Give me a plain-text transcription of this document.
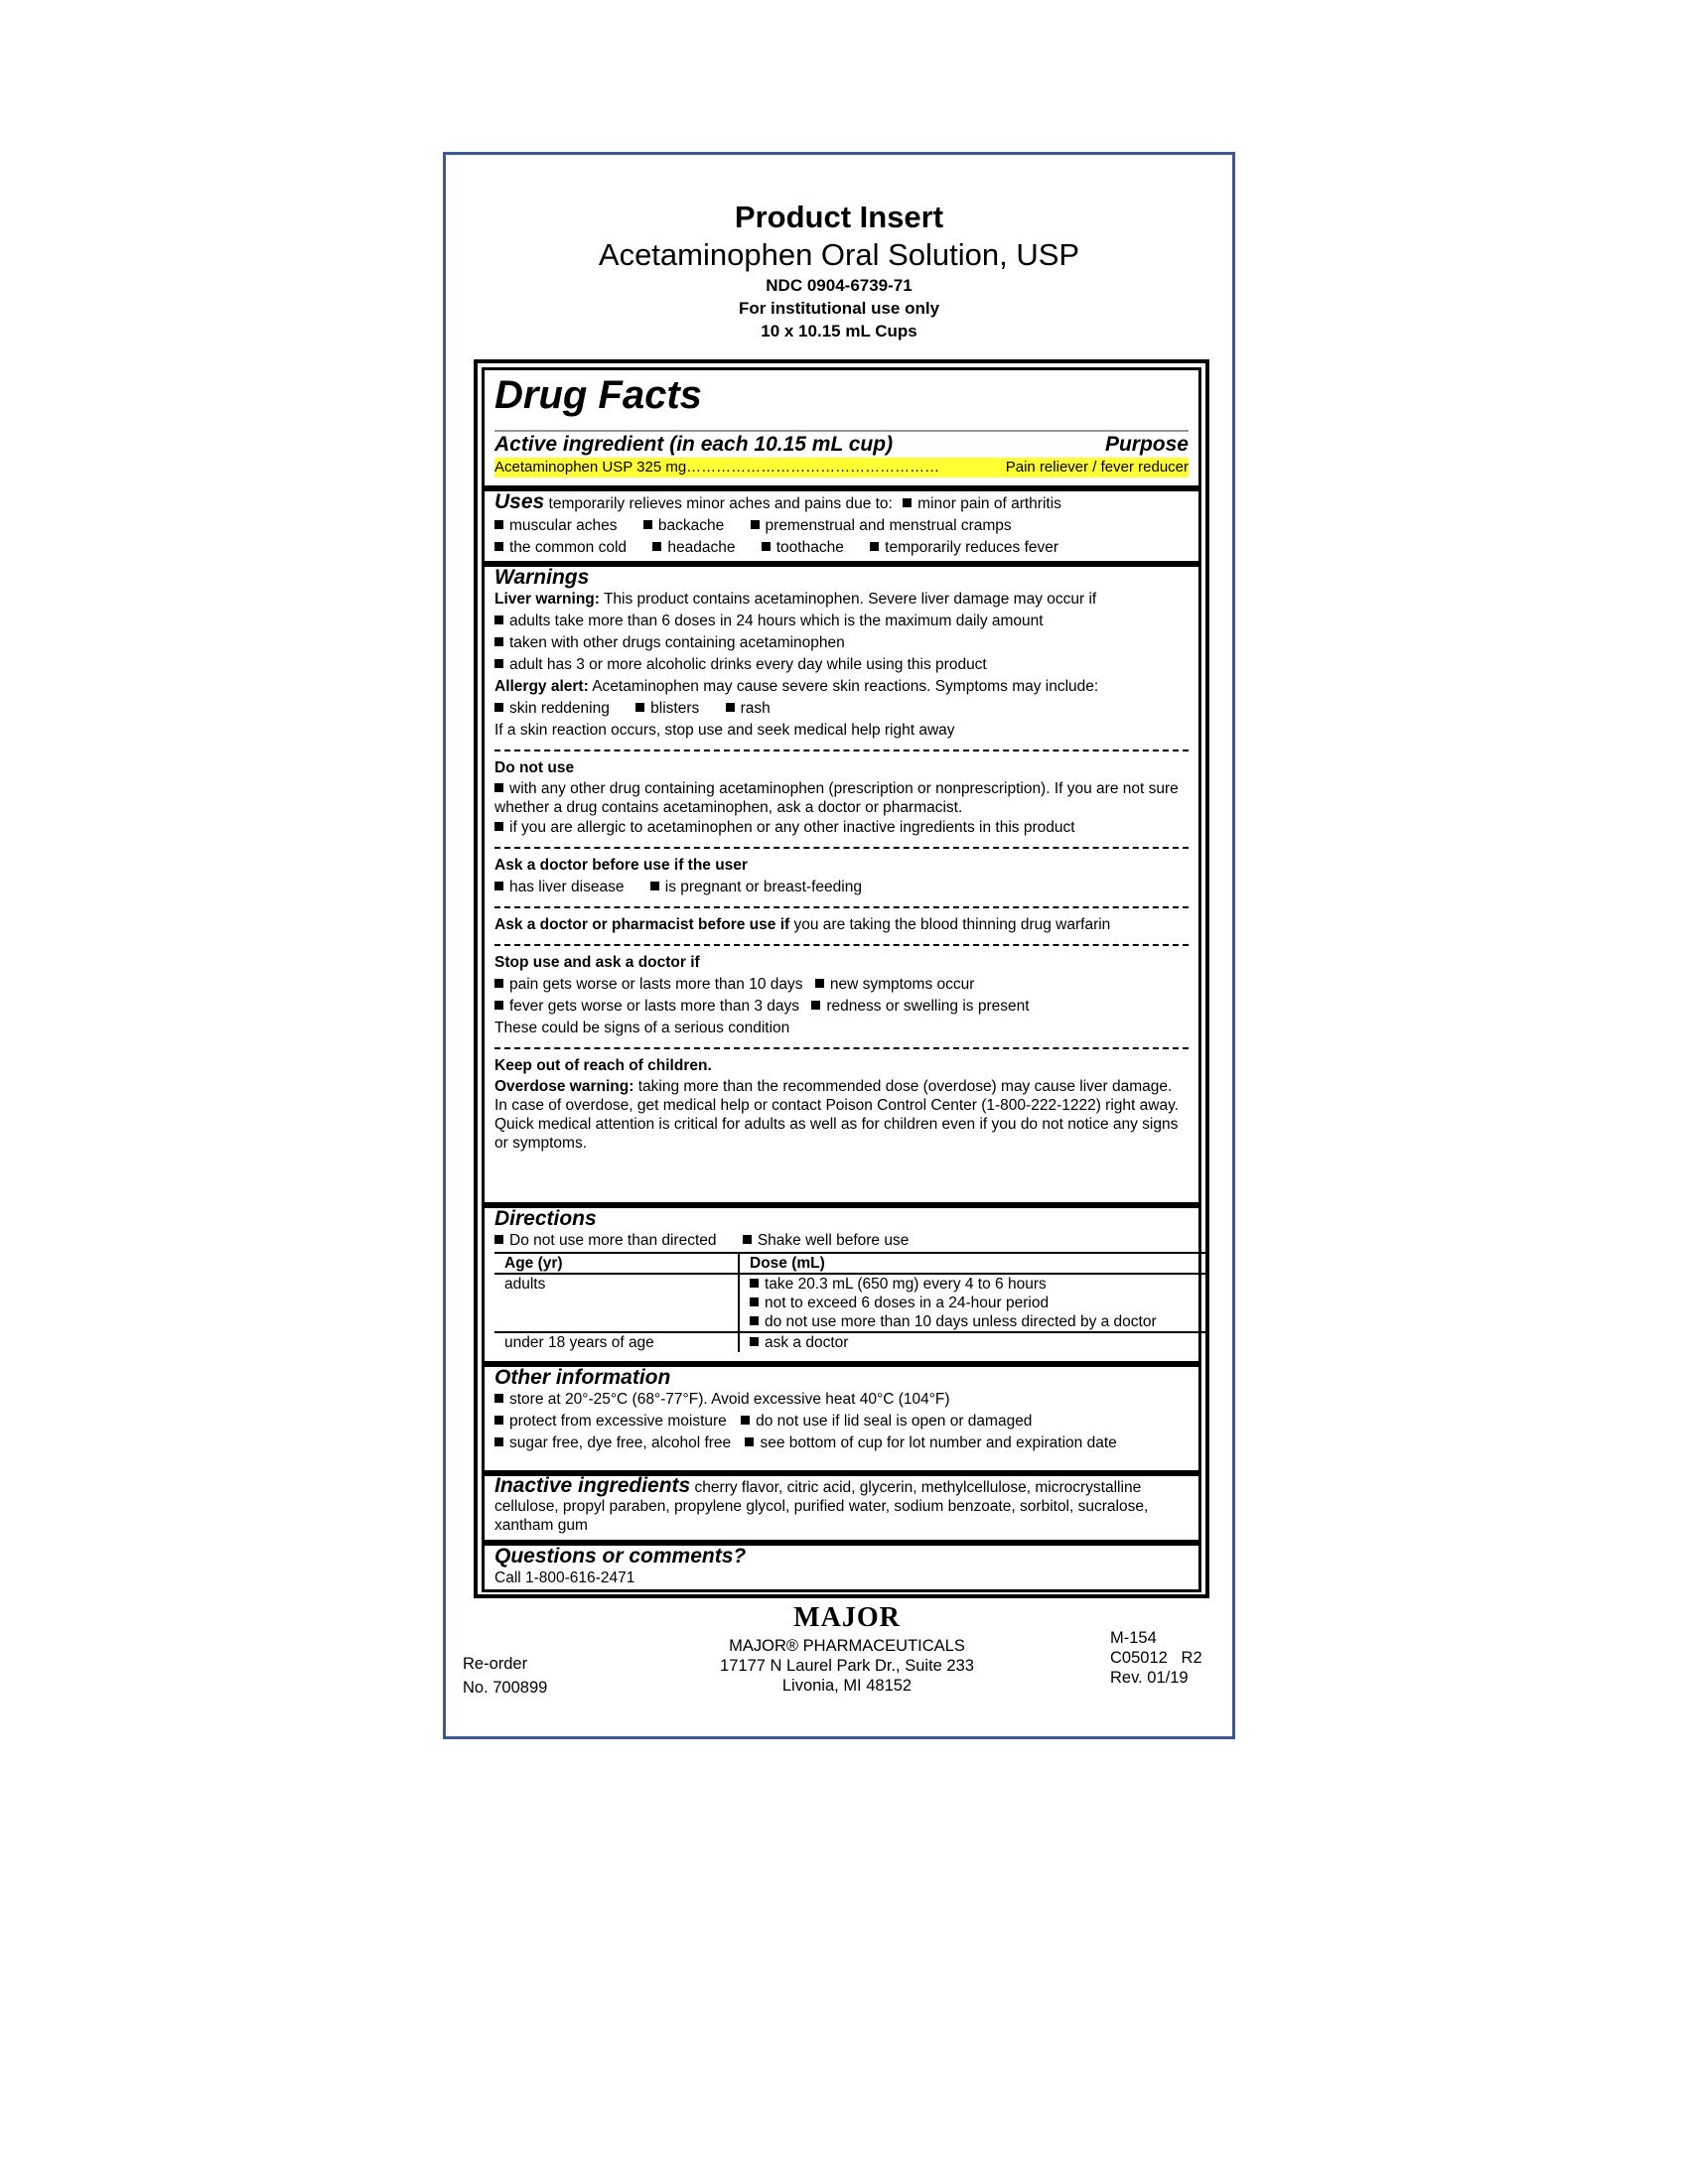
Product Insert
Acetaminophen Oral Solution, USP
NDC 0904-6739-71
For institutional use only
10 x 10.15 mL Cups
Drug Facts
Active ingredient (in each 10.15 mL cup)	Purpose
Acetaminophen USP 325 mg……………………………………………	Pain reliever / fever reducer
Uses temporarily relieves minor aches and pains due to: minor pain of arthritis
muscular aches	backache	premenstrual and menstrual cramps
the common cold	headache	toothache	temporarily reduces fever
Warnings
Liver warning: This product contains acetaminophen. Severe liver damage may occur if
adults take more than 6 doses in 24 hours which is the maximum daily amount
taken with other drugs containing acetaminophen
adult has 3 or more alcoholic drinks every day while using this product
Allergy alert: Acetaminophen may cause severe skin reactions. Symptoms may include:
skin reddening	blisters	rash
If a skin reaction occurs, stop use and seek medical help right away
Do not use
with any other drug containing acetaminophen (prescription or nonprescription). If you are not sure whether a drug contains acetaminophen, ask a doctor or pharmacist.
if you are allergic to acetaminophen or any other inactive ingredients in this product
Ask a doctor before use if the user
has liver disease	is pregnant or breast-feeding
Ask a doctor or pharmacist before use if you are taking the blood thinning drug warfarin
Stop use and ask a doctor if
pain gets worse or lasts more than 10 days new symptoms occur
fever gets worse or lasts more than 3 days redness or swelling is present
These could be signs of a serious condition
Keep out of reach of children.
Overdose warning: taking more than the recommended dose (overdose) may cause liver damage. In case of overdose, get medical help or contact Poison Control Center (1-800-222-1222) right away. Quick medical attention is critical for adults as well as for children even if you do not notice any signs or symptoms.
Directions
Do not use more than directed	Shake well before use
Age (yr)	Dose (mL)
adults	take 20.3 mL (650 mg) every 4 to 6 hours
not to exceed 6 doses in a 24-hour period
do not use more than 10 days unless directed by a doctor

under 18 years of age	ask a doctor
Other information
store at 20°-25°C (68°-77°F). Avoid excessive heat 40°C (104°F)
protect from excessive moisture do not use if lid seal is open or damaged
sugar free, dye free, alcohol free see bottom of cup for lot number and expiration date
Inactive ingredients cherry flavor, citric acid, glycerin, methylcellulose, microcrystalline cellulose, propyl paraben, propylene glycol, purified water, sodium benzoate, sorbitol, sucralose, xantham gum
Questions or comments?
Call 1-800-616-2471
MAJOR
MAJOR® PHARMACEUTICALS
17177 N Laurel Park Dr., Suite 233
Livonia, MI 48152
Re-order
No. 700899
M-154
C05012   R2
Rev. 01/19
